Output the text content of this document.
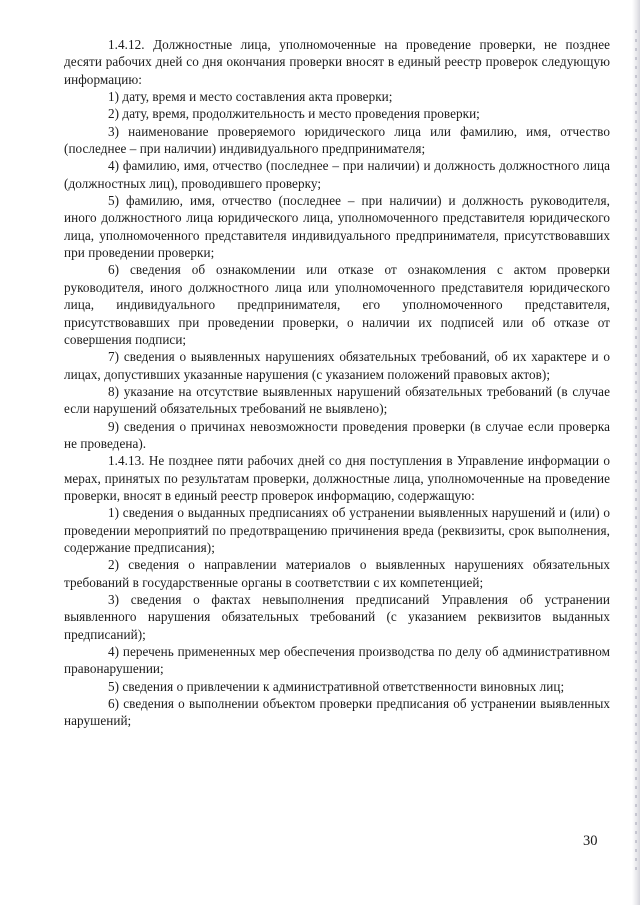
1.4.12. Должностные лица, уполномоченные на проведение проверки, не позднее десяти рабочих дней со дня окончания проверки вносят в единый реестр проверок следующую информацию:

1) дату, время и место составления акта проверки;

2) дату, время, продолжительность и место проведения проверки;

3) наименование проверяемого юридического лица или фамилию, имя, отчество (последнее – при наличии) индивидуального предпринимателя;

4) фамилию, имя, отчество (последнее – при наличии) и должность должностного лица (должностных лиц), проводившего проверку;

5) фамилию, имя, отчество (последнее – при наличии) и должность руководителя, иного должностного лица юридического лица, уполномоченного представителя юридического лица, уполномоченного представителя индивидуального предпринимателя, присутствовавших при проведении проверки;

6) сведения об ознакомлении или отказе от ознакомления с актом проверки руководителя, иного должностного лица или уполномоченного представителя юридического лица, индивидуального предпринимателя, его уполномоченного представителя, присутствовавших при проведении проверки, о наличии их подписей или об отказе от совершения подписи;

7) сведения о выявленных нарушениях обязательных требований, об их характере и о лицах, допустивших указанные нарушения (с указанием положений правовых актов);

8) указание на отсутствие выявленных нарушений обязательных требований (в случае если нарушений обязательных требований не выявлено);

9) сведения о причинах невозможности проведения проверки (в случае если проверка не проведена).

1.4.13. Не позднее пяти рабочих дней со дня поступления в Управление информации о мерах, принятых по результатам проверки, должностные лица, уполномоченные на проведение проверки, вносят в единый реестр проверок информацию, содержащую:

1) сведения о выданных предписаниях об устранении выявленных нарушений и (или) о проведении мероприятий по предотвращению причинения вреда (реквизиты, срок выполнения, содержание предписания);

2) сведения о направлении материалов о выявленных нарушениях обязательных требований в государственные органы в соответствии с их компетенцией;

3) сведения о фактах невыполнения предписаний Управления об устранении выявленного нарушения обязательных требований (с указанием реквизитов выданных предписаний);

4) перечень примененных мер обеспечения производства по делу об административном правонарушении;

5) сведения о привлечении к административной ответственности виновных лиц;

6) сведения о выполнении объектом проверки предписания об устранении выявленных нарушений;

30
